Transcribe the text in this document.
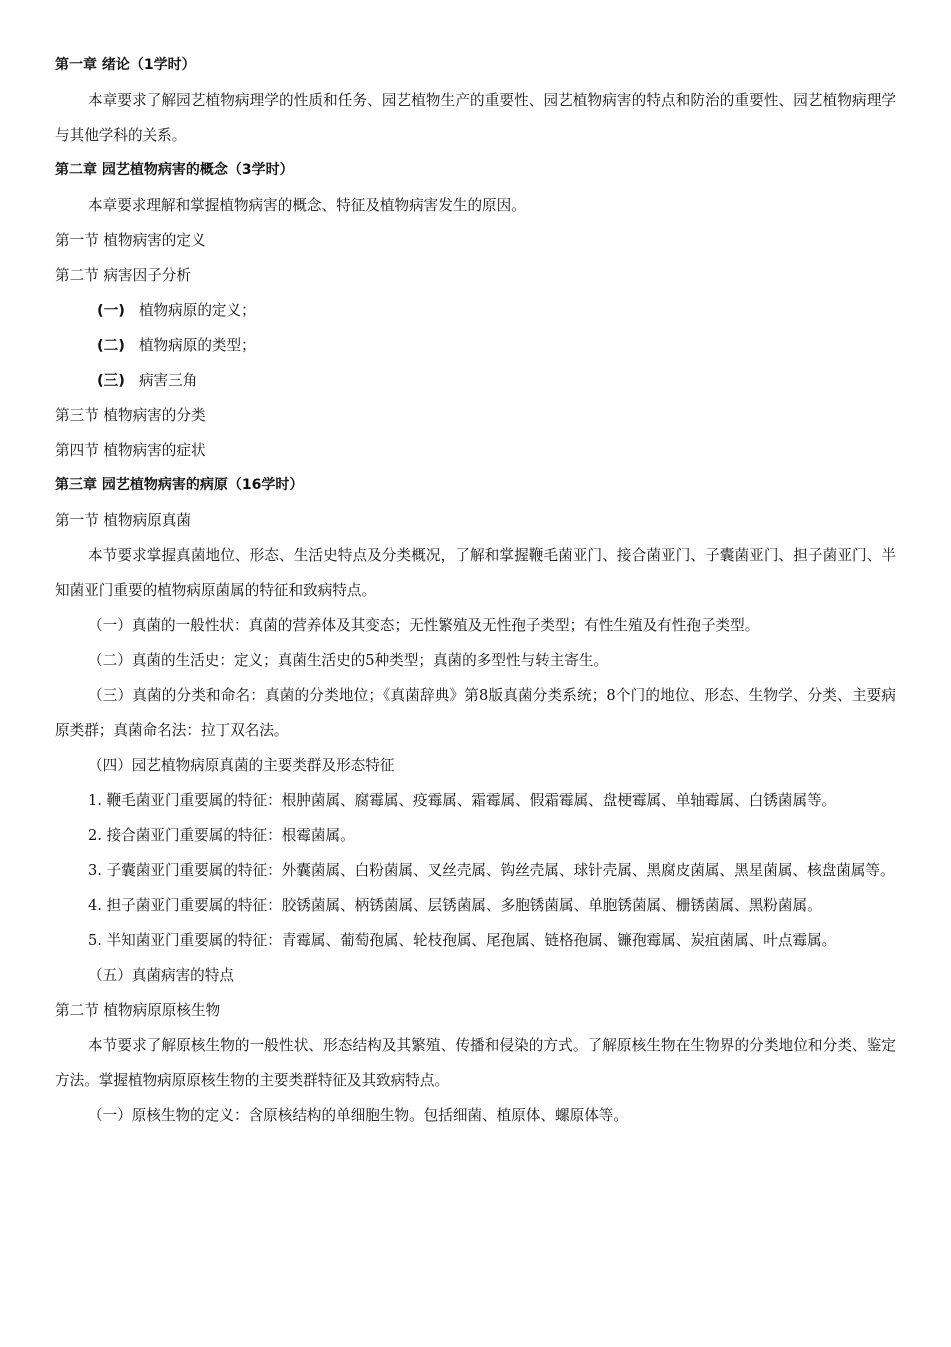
第一章 绪论（1学时）

本章要求了解园艺植物病理学的性质和任务、园艺植物生产的重要性、园艺植物病害的特点和防治的重要性、园艺植物病理学与其他学科的关系。

第二章 园艺植物病害的概念（3学时）

本章要求理解和掌握植物病害的概念、特征及植物病害发生的原因。

第一节 植物病害的定义

第二节 病害因子分析

(一) 植物病原的定义；

(二) 植物病原的类型；

(三) 病害三角

第三节 植物病害的分类

第四节 植物病害的症状

第三章 园艺植物病害的病原（16学时）

第一节 植物病原真菌

本节要求掌握真菌地位、形态、生活史特点及分类概况，了解和掌握鞭毛菌亚门、接合菌亚门、子囊菌亚门、担子菌亚门、半知菌亚门重要的植物病原菌属的特征和致病特点。

（一）真菌的一般性状：真菌的营养体及其变态；无性繁殖及无性孢子类型；有性生殖及有性孢子类型。

（二）真菌的生活史：定义；真菌生活史的5种类型；真菌的多型性与转主寄生。

（三）真菌的分类和命名：真菌的分类地位；《真菌辞典》第8版真菌分类系统；8个门的地位、形态、生物学、分类、主要病原类群；真菌命名法：拉丁双名法。

（四）园艺植物病原真菌的主要类群及形态特征

1. 鞭毛菌亚门重要属的特征：根肿菌属、腐霉属、疫霉属、霜霉属、假霜霉属、盘梗霉属、单轴霉属、白锈菌属等。

2. 接合菌亚门重要属的特征：根霉菌属。

3. 子囊菌亚门重要属的特征：外囊菌属、白粉菌属、叉丝壳属、钩丝壳属、球针壳属、黑腐皮菌属、黑星菌属、核盘菌属等。

4. 担子菌亚门重要属的特征：胶锈菌属、柄锈菌属、层锈菌属、多胞锈菌属、单胞锈菌属、栅锈菌属、黑粉菌属。

5. 半知菌亚门重要属的特征：青霉属、葡萄孢属、轮枝孢属、尾孢属、链格孢属、镰孢霉属、炭疽菌属、叶点霉属。

（五）真菌病害的特点

第二节 植物病原原核生物

本节要求了解原核生物的一般性状、形态结构及其繁殖、传播和侵染的方式。了解原核生物在生物界的分类地位和分类、鉴定方法。掌握植物病原原核生物的主要类群特征及其致病特点。

（一）原核生物的定义：含原核结构的单细胞生物。包括细菌、植原体、螺原体等。
